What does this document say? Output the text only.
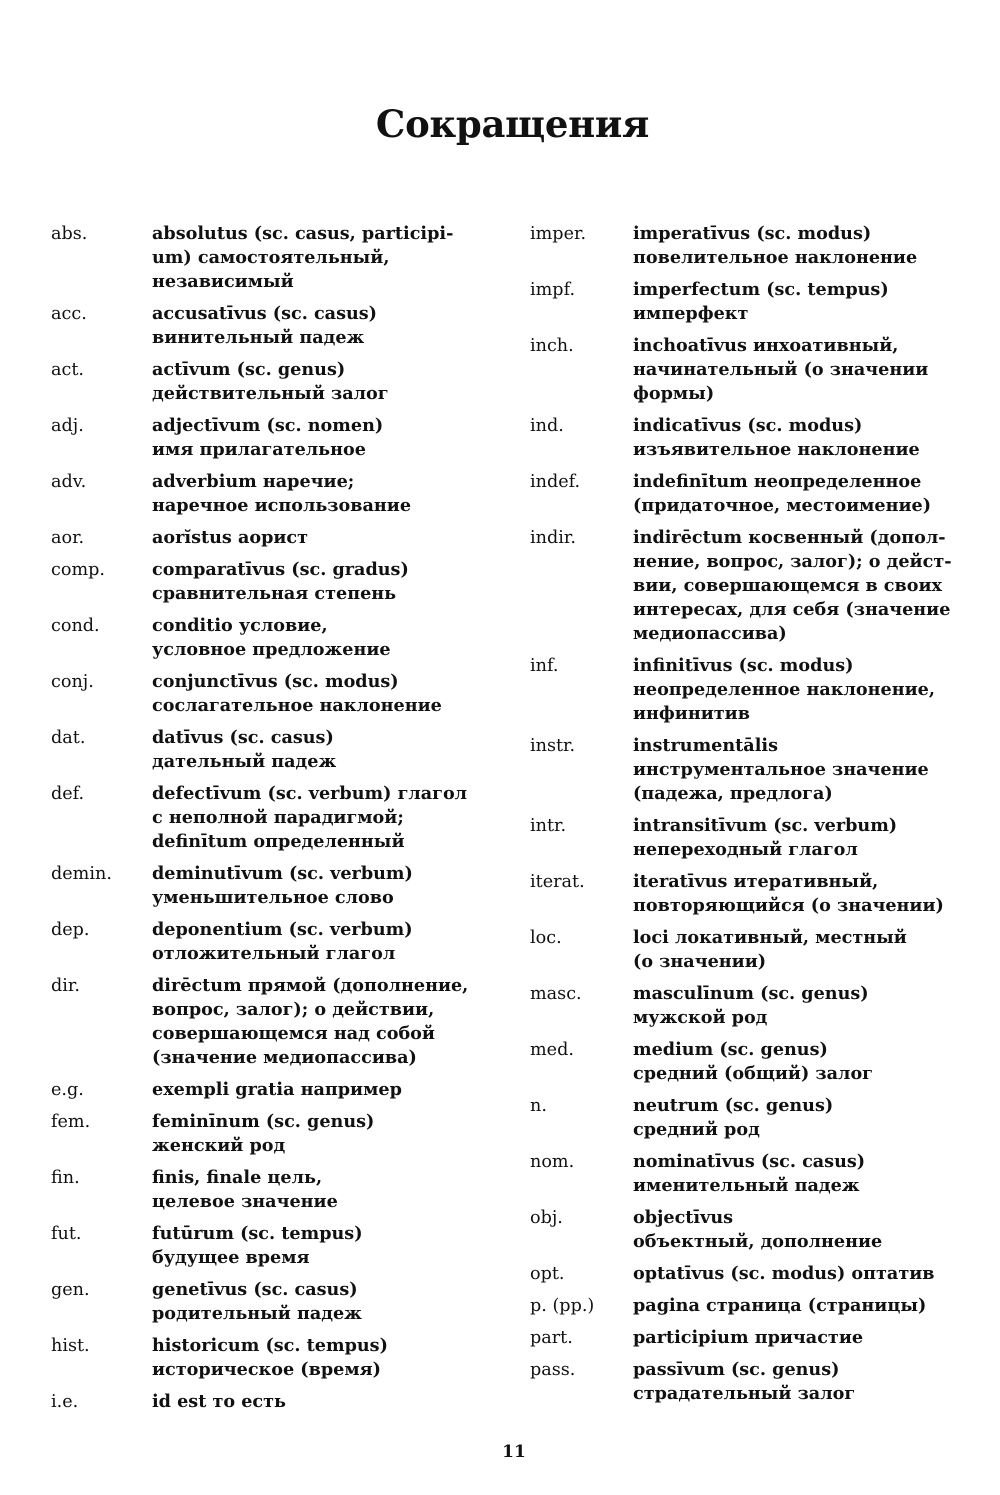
Сокращения
abs.	absolutus (sc. casus, participi-
um) самостоятельный,
независимый
acc.	accusatīvus (sc. casus)
винительный падеж
act.	actīvum (sc. genus)
действительный залог
adj.	adjectīvum (sc. nomen)
имя прилагательное
adv.	adverbium наречие;
наречное использование
aor.	aorĭstus аорист
comp.	comparatīvus (sc. gradus)
сравнительная степень
cond.	conditio условие,
условное предложение
conj.	conjunctīvus (sc. modus)
сослагательное наклонение
dat.	datīvus (sc. casus)
дательный падеж
def.	defectīvum (sc. verbum) глагол
с неполной парадигмой;
definītum определенный
demin.	deminutīvum (sc. verbum)
уменьшительное слово
dep.	deponentium (sc. verbum)
отложительный глагол
dir.	dirēctum прямой (дополнение,
вопрос, залог); о действии,
совершающемся над собой
(значение медиопассива)
e.g.	exempli gratia например
fem.	feminīnum (sc. genus)
женский род
fin.	finis, finale цель,
целевое значение
fut.	futūrum (sc. tempus)
будущее время
gen.	genetīvus (sc. casus)
родительный падеж
hist.	historicum (sc. tempus)
историческое (время)
i.e.	id est то есть
imper.	imperatīvus (sc. modus)
повелительное наклонение
impf.	imperfectum (sc. tempus)
имперфект
inch.	inchoatīvus инхоативный,
начинательный (о значении
формы)
ind.	indicatīvus (sc. modus)
изъявительное наклонение
indef.	indefinītum неопределенное
(придаточное, местоимение)
indir.	indirēctum косвенный (допол-
нение, вопрос, залог); о дейст-
вии, совершающемся в своих
интересах, для себя (значение
медиопассива)
inf.	infinitīvus (sc. modus)
неопределенное наклонение,
инфинитив
instr.	instrumentālis
инструментальное значение
(падежа, предлога)
intr.	intransitīvum (sc. verbum)
непереходный глагол
iterat.	iteratīvus итеративный,
повторяющийся (о значении)
loc.	loci локативный, местный
(о значении)
masc.	masculīnum (sc. genus)
мужской род
med.	medium (sc. genus)
средний (общий) залог
n.	neutrum (sc. genus)
средний род
nom.	nominatīvus (sc. casus)
именительный падеж
obj.	objectīvus
объектный, дополнение
opt.	optatīvus (sc. modus) оптатив
p. (pp.)	pagina страница (страницы)
part.	participium причастие
pass.	passīvum (sc. genus)
страдательный залог
11
